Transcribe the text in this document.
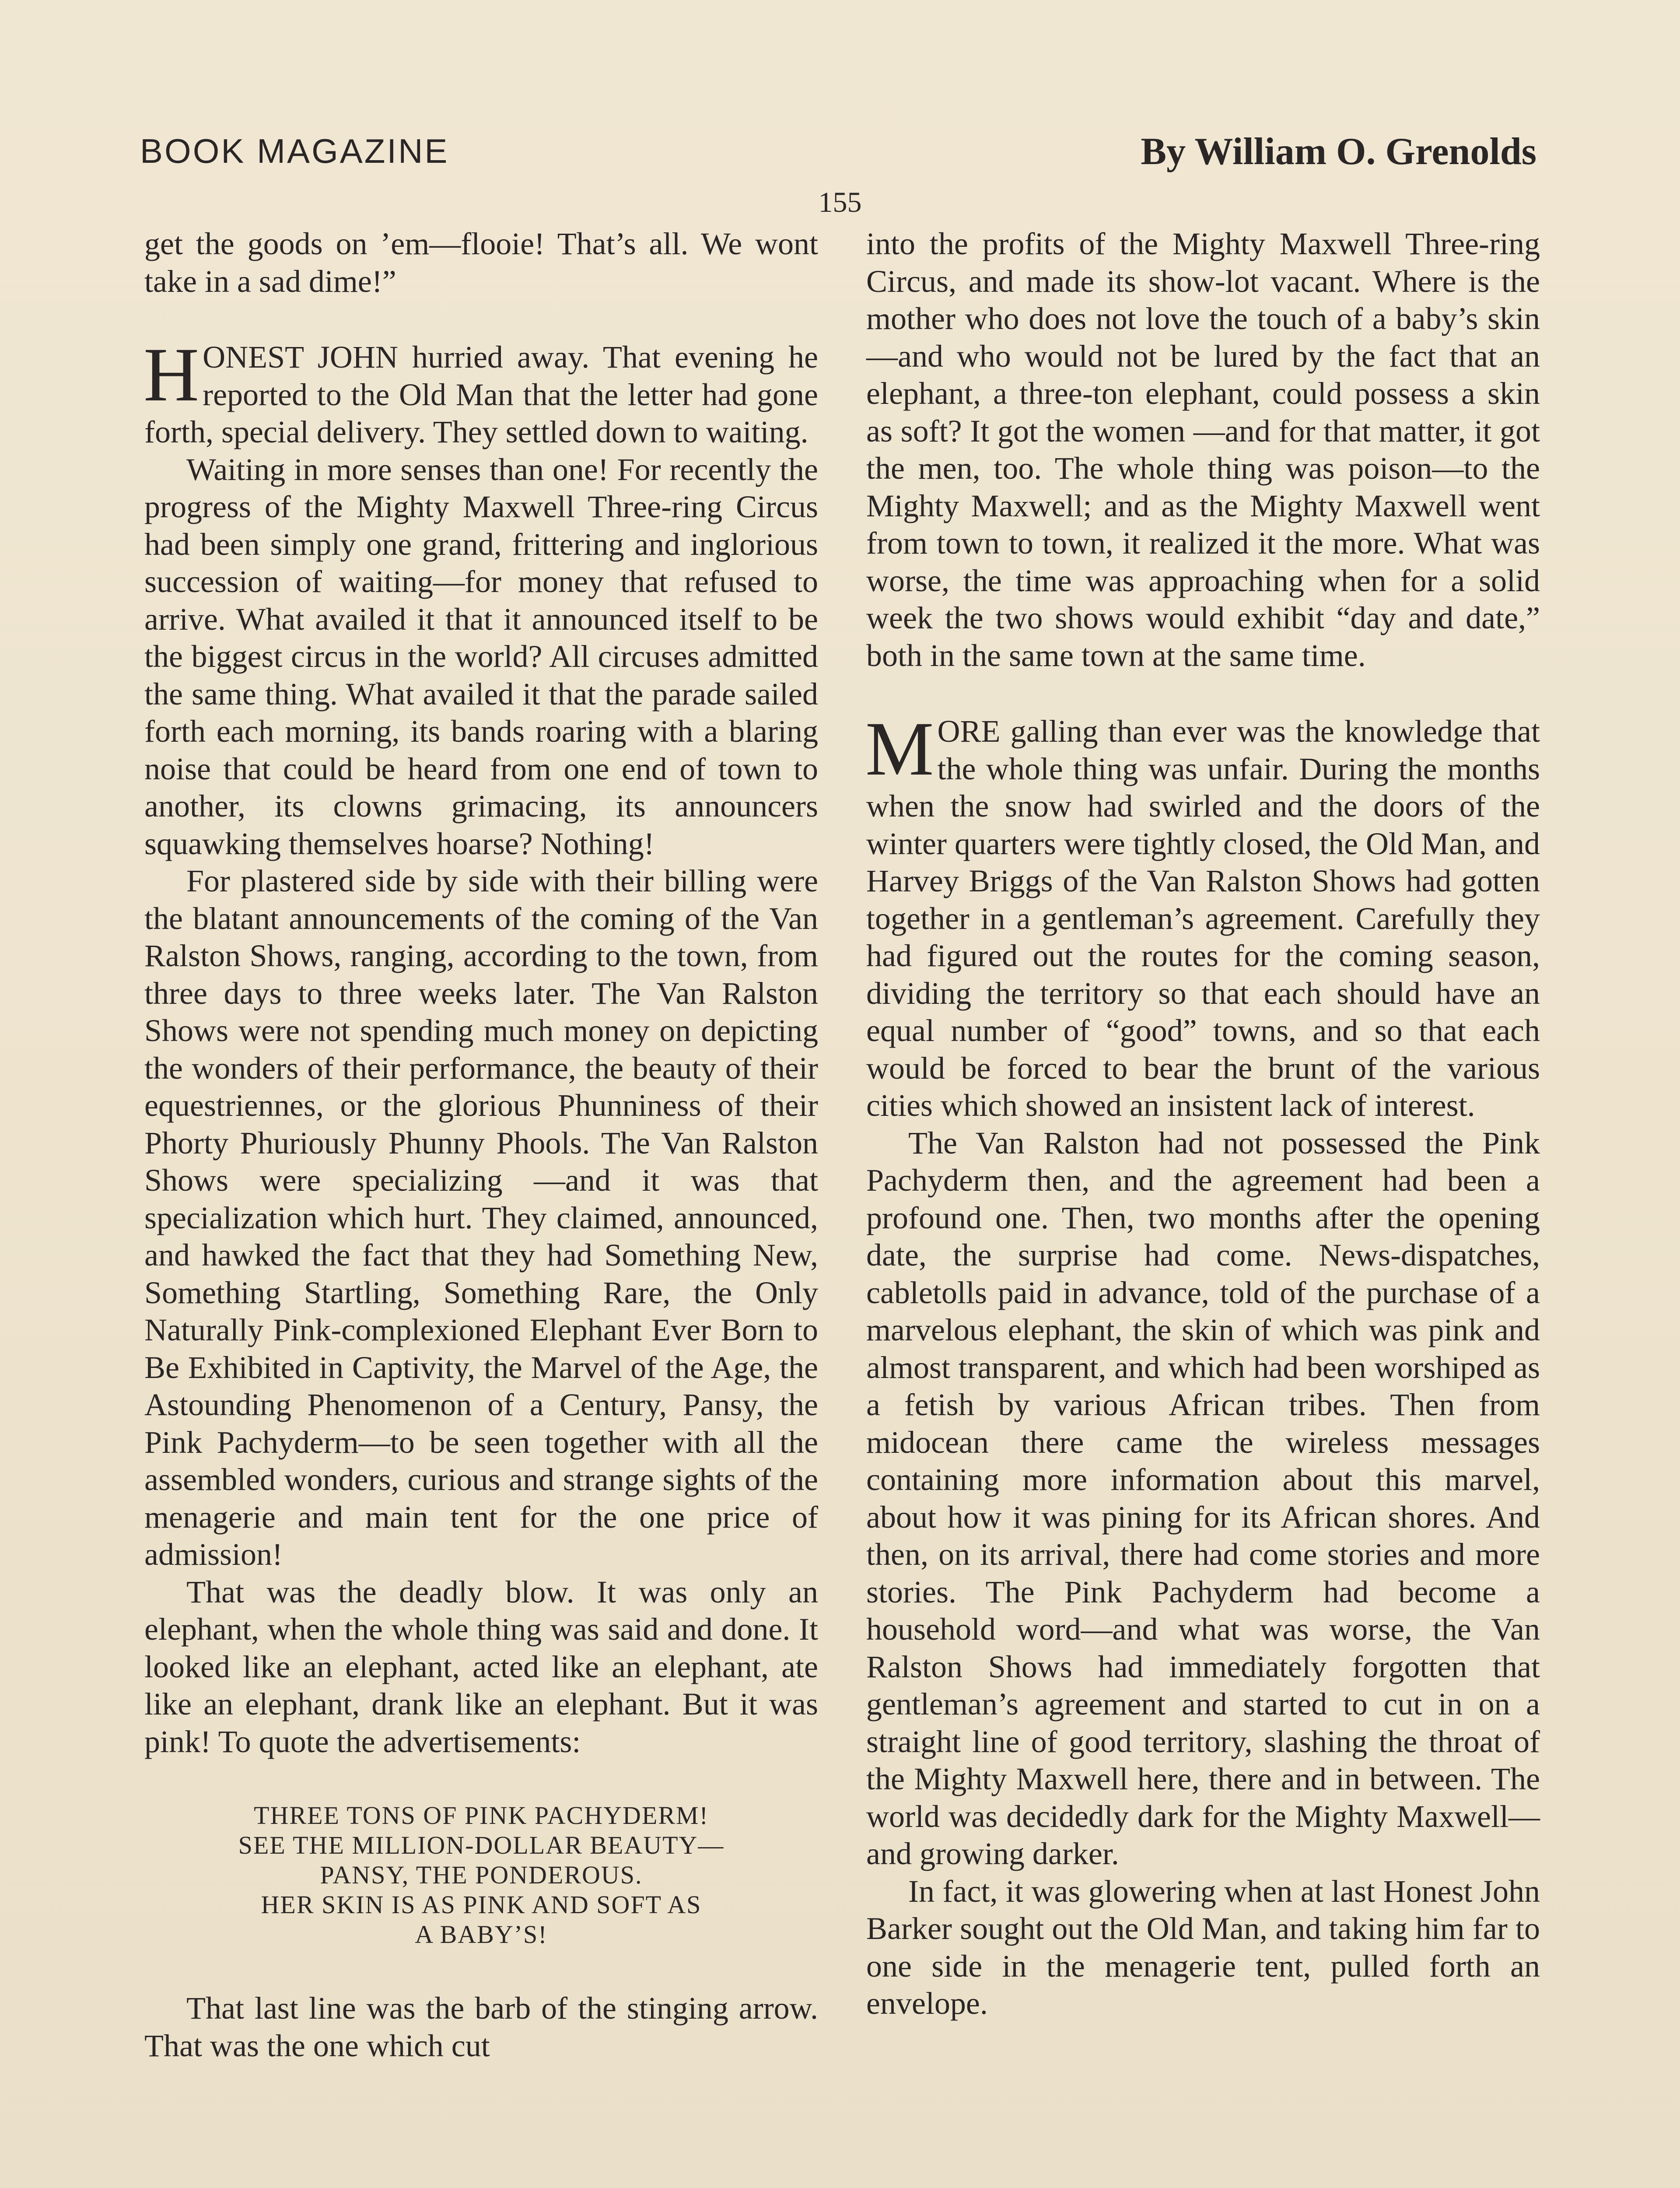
BOOK MAGAZINE	By William O. Grenolds
155

get the goods on ’em—flooie! That’s all. We wont take in a sad dime!”

HONEST JOHN hurried away. That evening he reported to the Old Man that the letter had gone forth, special delivery. They settled down to waiting.

Waiting in more senses than one! For recently the progress of the Mighty Maxwell Three-ring Circus had been simply one grand, frittering and inglorious succession of waiting—for money that refused to arrive. What availed it that it announced itself to be the biggest circus in the world? All circuses admitted the same thing. What availed it that the parade sailed forth each morning, its bands roaring with a blaring noise that could be heard from one end of town to another, its clowns grimacing, its announcers squawking themselves hoarse? Nothing!

For plastered side by side with their billing were the blatant announcements of the coming of the Van Ralston Shows, ranging, according to the town, from three days to three weeks later. The Van Ralston Shows were not spending much money on depicting the wonders of their performance, the beauty of their equestriennes, or the glorious Phunniness of their Phorty Phuriously Phunny Phools. The Van Ralston Shows were specializing —and it was that specialization which hurt. They claimed, announced, and hawked the fact that they had Something New, Something Startling, Something Rare, the Only Naturally Pink-complexioned Elephant Ever Born to Be Exhibited in Captivity, the Marvel of the Age, the Astounding Phenomenon of a Century, Pansy, the Pink Pachyderm—to be seen together with all the assembled wonders, curious and strange sights of the menagerie and main tent for the one price of admission!

That was the deadly blow. It was only an elephant, when the whole thing was said and done. It looked like an elephant, acted like an elephant, ate like an elephant, drank like an elephant. But it was pink! To quote the advertisements:

THREE TONS OF PINK PACHYDERM!
SEE THE MILLION-DOLLAR BEAUTY—
PANSY, THE PONDEROUS.
HER SKIN IS AS PINK AND SOFT AS
A BABY’S!

That last line was the barb of the stinging arrow. That was the one which cut

into the profits of the Mighty Maxwell Three-ring Circus, and made its show-lot vacant. Where is the mother who does not love the touch of a baby’s skin—and who would not be lured by the fact that an elephant, a three-ton elephant, could possess a skin as soft? It got the women —and for that matter, it got the men, too. The whole thing was poison—to the Mighty Maxwell; and as the Mighty Maxwell went from town to town, it realized it the more. What was worse, the time was approaching when for a solid week the two shows would exhibit “day and date,” both in the same town at the same time.

MORE galling than ever was the knowledge that the whole thing was unfair. During the months when the snow had swirled and the doors of the winter quarters were tightly closed, the Old Man, and Harvey Briggs of the Van Ralston Shows had gotten together in a gentleman’s agreement. Carefully they had figured out the routes for the coming season, dividing the territory so that each should have an equal number of “good” towns, and so that each would be forced to bear the brunt of the various cities which showed an insistent lack of interest.

The Van Ralston had not possessed the Pink Pachyderm then, and the agreement had been a profound one. Then, two months after the opening date, the surprise had come. News-dispatches, cabletolls paid in advance, told of the purchase of a marvelous elephant, the skin of which was pink and almost transparent, and which had been worshiped as a fetish by various African tribes. Then from midocean there came the wireless messages containing more information about this marvel, about how it was pining for its African shores. And then, on its arrival, there had come stories and more stories. The Pink Pachyderm had become a household word—and what was worse, the Van Ralston Shows had immediately forgotten that gentleman’s agreement and started to cut in on a straight line of good territory, slashing the throat of the Mighty Maxwell here, there and in between. The world was decidedly dark for the Mighty Maxwell—and growing darker.

In fact, it was glowering when at last Honest John Barker sought out the Old Man, and taking him far to one side in the menagerie tent, pulled forth an envelope.
